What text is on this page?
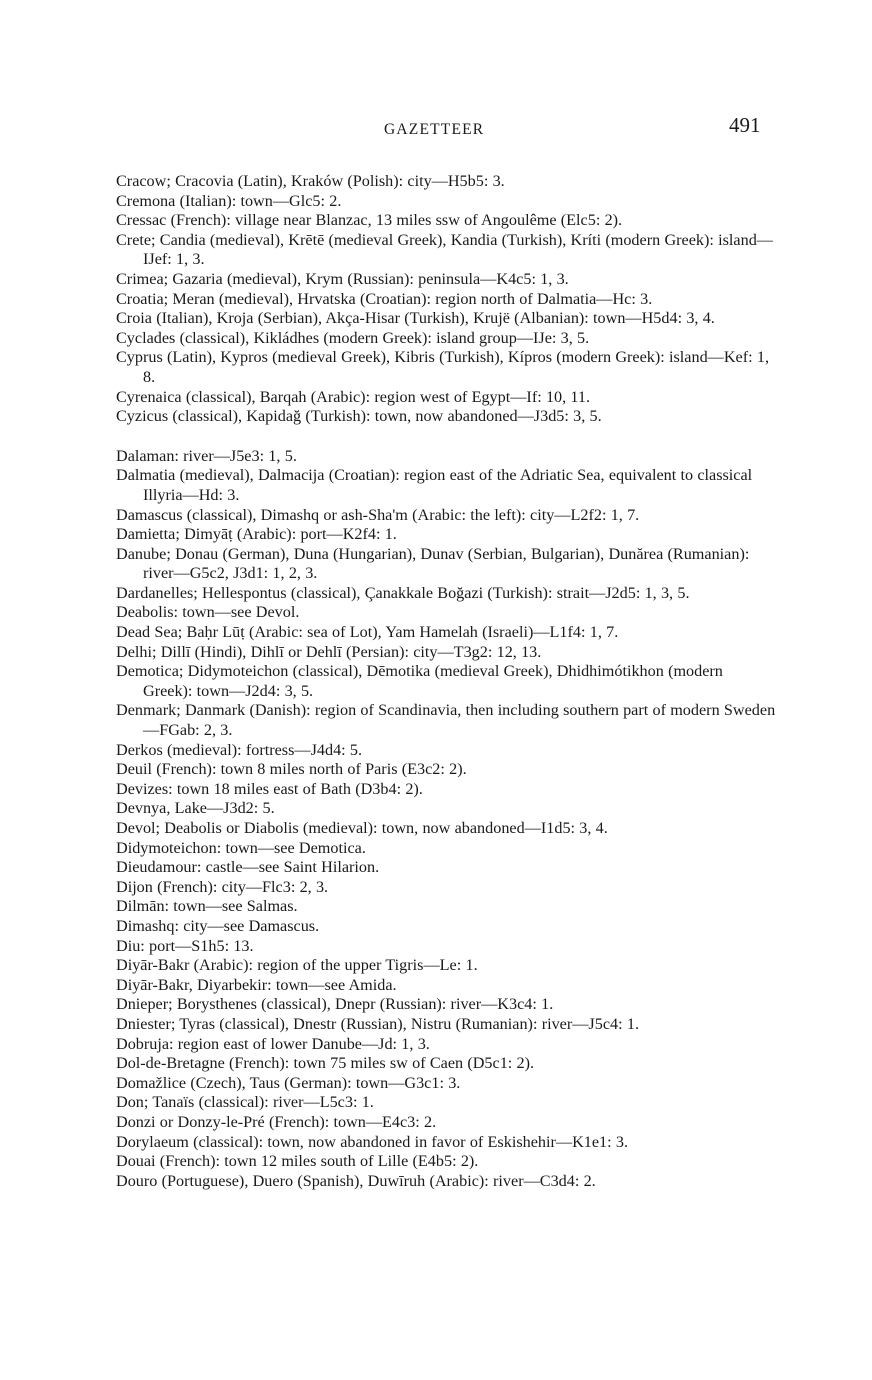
GAZETTEER	491
Cracow; Cracovia (Latin), Kraków (Polish): city—H5b5: 3.
Cremona (Italian): town—Glc5: 2.
Cressac (French): village near Blanzac, 13 miles ssw of Angoulême (Elc5: 2).
Crete; Candia (medieval), Krētē (medieval Greek), Kandia (Turkish), Kríti (modern Greek): island—IJef: 1, 3.
Crimea; Gazaria (medieval), Krym (Russian): peninsula—K4c5: 1, 3.
Croatia; Meran (medieval), Hrvatska (Croatian): region north of Dalmatia—Hc: 3.
Croia (Italian), Kroja (Serbian), Akça-Hisar (Turkish), Krujë (Albanian): town—H5d4: 3, 4.
Cyclades (classical), Kikládhes (modern Greek): island group—IJe: 3, 5.
Cyprus (Latin), Kypros (medieval Greek), Kibris (Turkish), Kípros (modern Greek): island—Kef: 1, 8.
Cyrenaica (classical), Barqah (Arabic): region west of Egypt—If: 10, 11.
Cyzicus (classical), Kapidağ (Turkish): town, now abandoned—J3d5: 3, 5.
Dalaman: river—J5e3: 1, 5.
Dalmatia (medieval), Dalmacija (Croatian): region east of the Adriatic Sea, equivalent to classical Illyria—Hd: 3.
Damascus (classical), Dimashq or ash-Sha'm (Arabic: the left): city—L2f2: 1, 7.
Damietta; Dimyāṭ (Arabic): port—K2f4: 1.
Danube; Donau (German), Duna (Hungarian), Dunav (Serbian, Bulgarian), Dunărea (Rumanian): river—G5c2, J3d1: 1, 2, 3.
Dardanelles; Hellespontus (classical), Çanakkale Boğazi (Turkish): strait—J2d5: 1, 3, 5.
Deabolis: town—see Devol.
Dead Sea; Baḥr Lūṭ (Arabic: sea of Lot), Yam Hamelah (Israeli)—L1f4: 1, 7.
Delhi; Dillī (Hindi), Dihlī or Dehlī (Persian): city—T3g2: 12, 13.
Demotica; Didymoteichon (classical), Dēmotika (medieval Greek), Dhidhimótikhon (modern Greek): town—J2d4: 3, 5.
Denmark; Danmark (Danish): region of Scandinavia, then including southern part of modern Sweden—FGab: 2, 3.
Derkos (medieval): fortress—J4d4: 5.
Deuil (French): town 8 miles north of Paris (E3c2: 2).
Devizes: town 18 miles east of Bath (D3b4: 2).
Devnya, Lake—J3d2: 5.
Devol; Deabolis or Diabolis (medieval): town, now abandoned—I1d5: 3, 4.
Didymoteichon: town—see Demotica.
Dieudamour: castle—see Saint Hilarion.
Dijon (French): city—Flc3: 2, 3.
Dilmān: town—see Salmas.
Dimashq: city—see Damascus.
Diu: port—S1h5: 13.
Diyār-Bakr (Arabic): region of the upper Tigris—Le: 1.
Diyār-Bakr, Diyarbekir: town—see Amida.
Dnieper; Borysthenes (classical), Dnepr (Russian): river—K3c4: 1.
Dniester; Tyras (classical), Dnestr (Russian), Nistru (Rumanian): river—J5c4: 1.
Dobruja: region east of lower Danube—Jd: 1, 3.
Dol-de-Bretagne (French): town 75 miles sw of Caen (D5c1: 2).
Domažlice (Czech), Taus (German): town—G3c1: 3.
Don; Tanaïs (classical): river—L5c3: 1.
Donzi or Donzy-le-Pré (French): town—E4c3: 2.
Dorylaeum (classical): town, now abandoned in favor of Eskishehir—K1e1: 3.
Douai (French): town 12 miles south of Lille (E4b5: 2).
Douro (Portuguese), Duero (Spanish), Duwīruh (Arabic): river—C3d4: 2.
